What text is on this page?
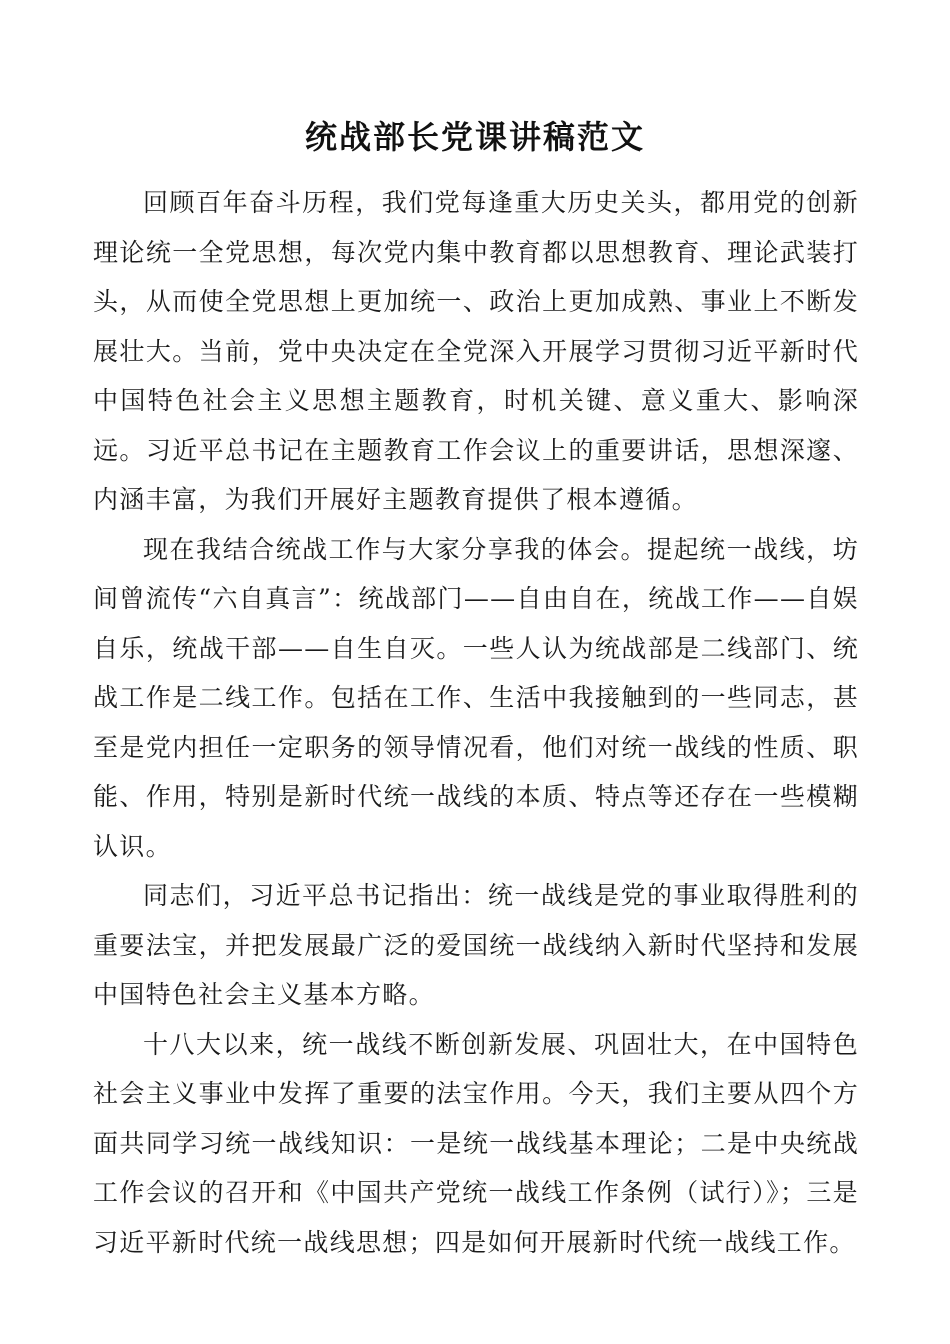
统战部长党课讲稿范文

回顾百年奋斗历程，我们党每逢重大历史关头，都用党的创新理论统一全党思想，每次党内集中教育都以思想教育、理论武装打头，从而使全党思想上更加统一、政治上更加成熟、事业上不断发展壮大。当前，党中央决定在全党深入开展学习贯彻习近平新时代中国特色社会主义思想主题教育，时机关键、意义重大、影响深远。习近平总书记在主题教育工作会议上的重要讲话，思想深邃、内涵丰富，为我们开展好主题教育提供了根本遵循。

现在我结合统战工作与大家分享我的体会。提起统一战线，坊间曾流传“六自真言”：统战部门——自由自在，统战工作——自娱自乐，统战干部——自生自灭。一些人认为统战部是二线部门、统战工作是二线工作。包括在工作、生活中我接触到的一些同志，甚至是党内担任一定职务的领导情况看，他们对统一战线的性质、职能、作用，特别是新时代统一战线的本质、特点等还存在一些模糊认识。

同志们，习近平总书记指出：统一战线是党的事业取得胜利的重要法宝，并把发展最广泛的爱国统一战线纳入新时代坚持和发展中国特色社会主义基本方略。

十八大以来，统一战线不断创新发展、巩固壮大，在中国特色社会主义事业中发挥了重要的法宝作用。今天，我们主要从四个方面共同学习统一战线知识：一是统一战线基本理论；二是中央统战工作会议的召开和《中国共产党统一战线工作条例（试行）》；三是习近平新时代统一战线思想；四是如何开展新时代统一战线工作。
